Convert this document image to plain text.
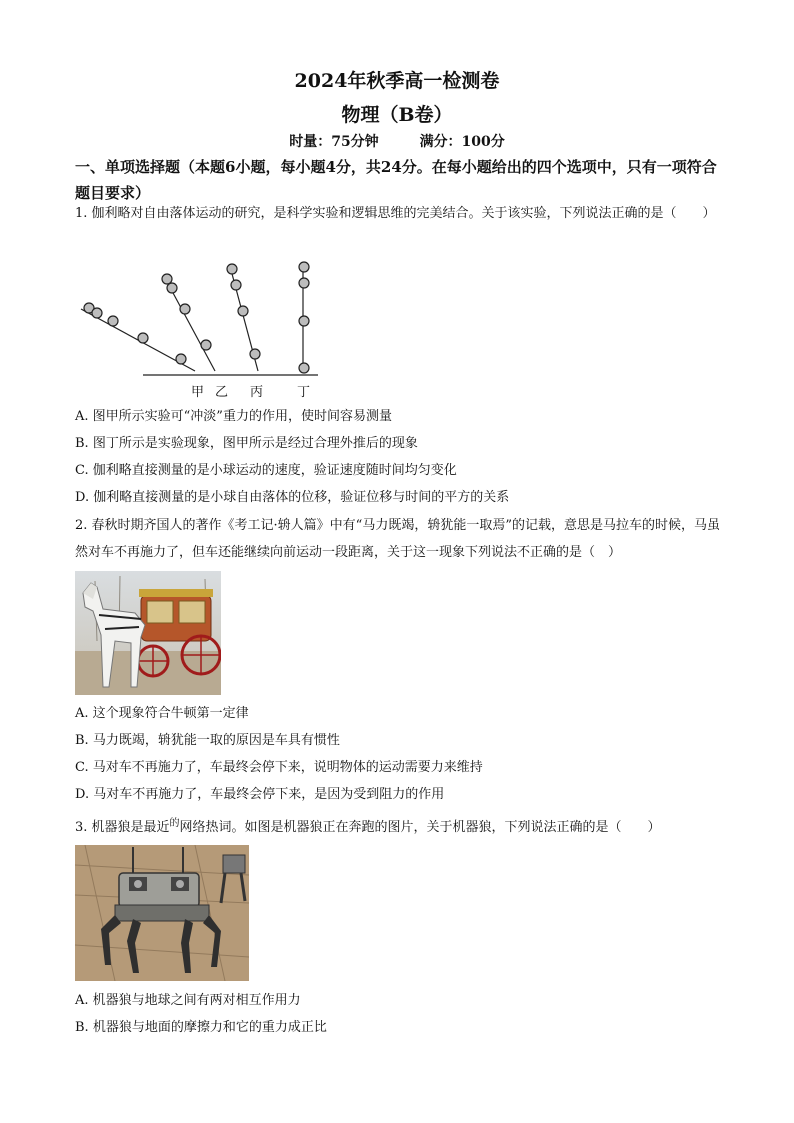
2024年秋季高一检测卷
物理（B卷）
时量：75分钟	满分：100分
一、单项选择题（本题6小题，每小题4分，共24分。在每小题给出的四个选项中，只有一项符合题目要求）
1. 伽利略对自由落体运动的研究，是科学实验和逻辑思维的完美结合。关于该实验，下列说法正确的是（　　）
甲 乙 丙	丁
A. 图甲所示实验可“冲淡”重力的作用，使时间容易测量
B. 图丁所示是实验现象，图甲所示是经过合理外推后的现象
C. 伽利略直接测量的是小球运动的速度，验证速度随时间均匀变化
D. 伽利略直接测量的是小球自由落体的位移，验证位移与时间的平方的关系
2. 春秋时期齐国人的著作《考工记·辀人篇》中有“马力既竭，辀犹能一取焉”的记载，意思是马拉车的时候，马虽然对车不再施力了，但车还能继续向前运动一段距离，关于这一现象下列说法不正确的是（　）
A. 这个现象符合牛顿第一定律
B. 马力既竭，辀犹能一取的原因是车具有惯性
C. 马对车不再施力了，车最终会停下来，说明物体的运动需要力来维持
D. 马对车不再施力了，车最终会停下来，是因为受到阻力的作用
3. 机器狼是最近$^的$网络热词。如图是机器狼正在奔跑的图片，关于机器狼，下列说法正确的是（　　）
A. 机器狼与地球之间有两对相互作用力
B. 机器狼与地面的摩擦力和它的重力成正比
